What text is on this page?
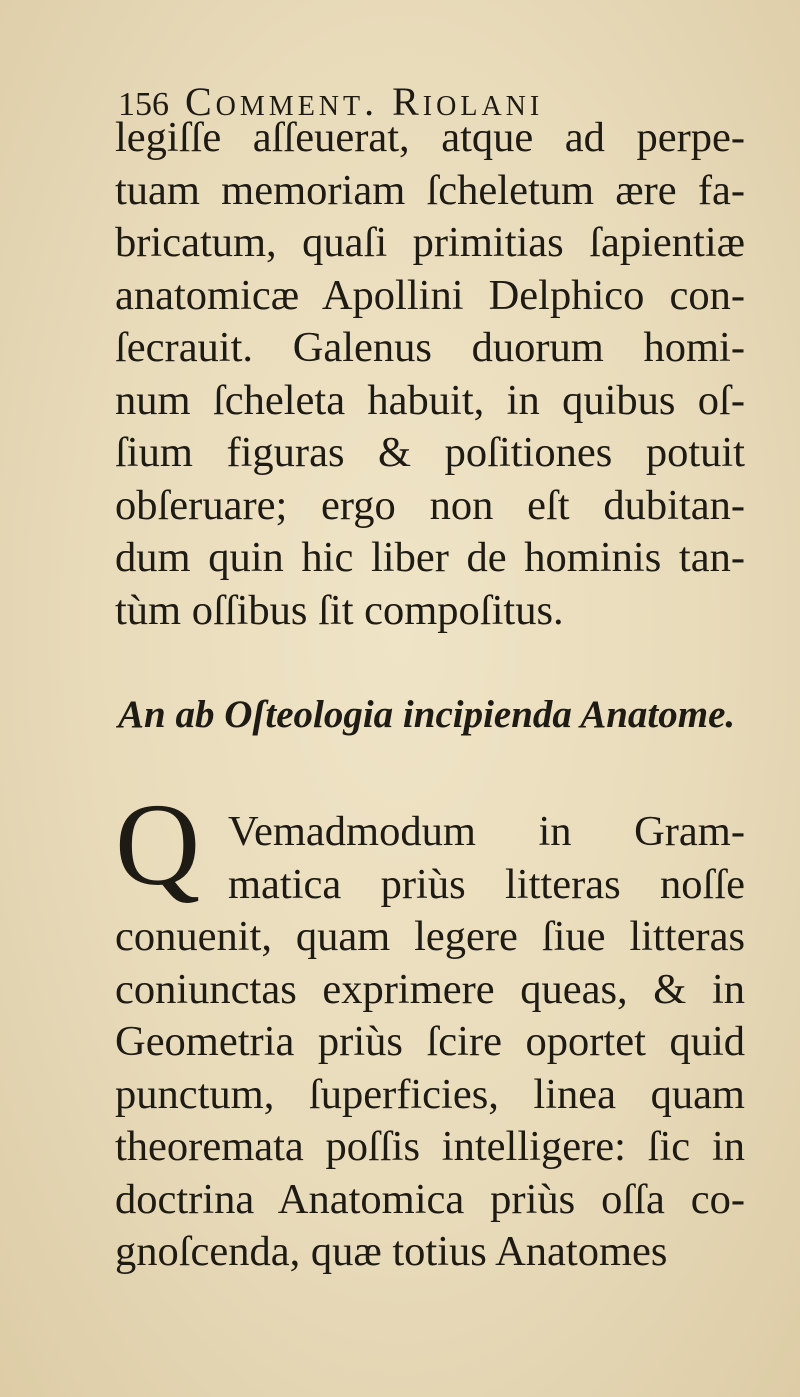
156 Comment. Riolani
legiſſe aſſeuerat, atque ad perpe-
tuam memoriam ſcheletum ære fa-
bricatum, quaſi primitias ſapientiæ
anatomicæ Apollini Delphico con-
ſecrauit. Galenus duorum homi-
num ſcheleta habuit, in quibus oſ-
ſium figuras & poſitiones potuit
obſeruare; ergo non eſt dubitan-
dum quin hic liber de hominis tan-
tùm oſſibus ſit compoſitus.
An ab Oſteologia incipienda Anatome.
Q Vemadmodum in Gram-
matica priùs litteras noſſe
conuenit, quam legere ſiue litteras
coniunctas exprimere queas, & in
Geometria priùs ſcire oportet quid
punctum, ſuperficies, linea quam
theoremata poſſis intelligere: ſic in
doctrina Anatomica priùs oſſa co-
gnoſcenda, quæ totius Anatomes
